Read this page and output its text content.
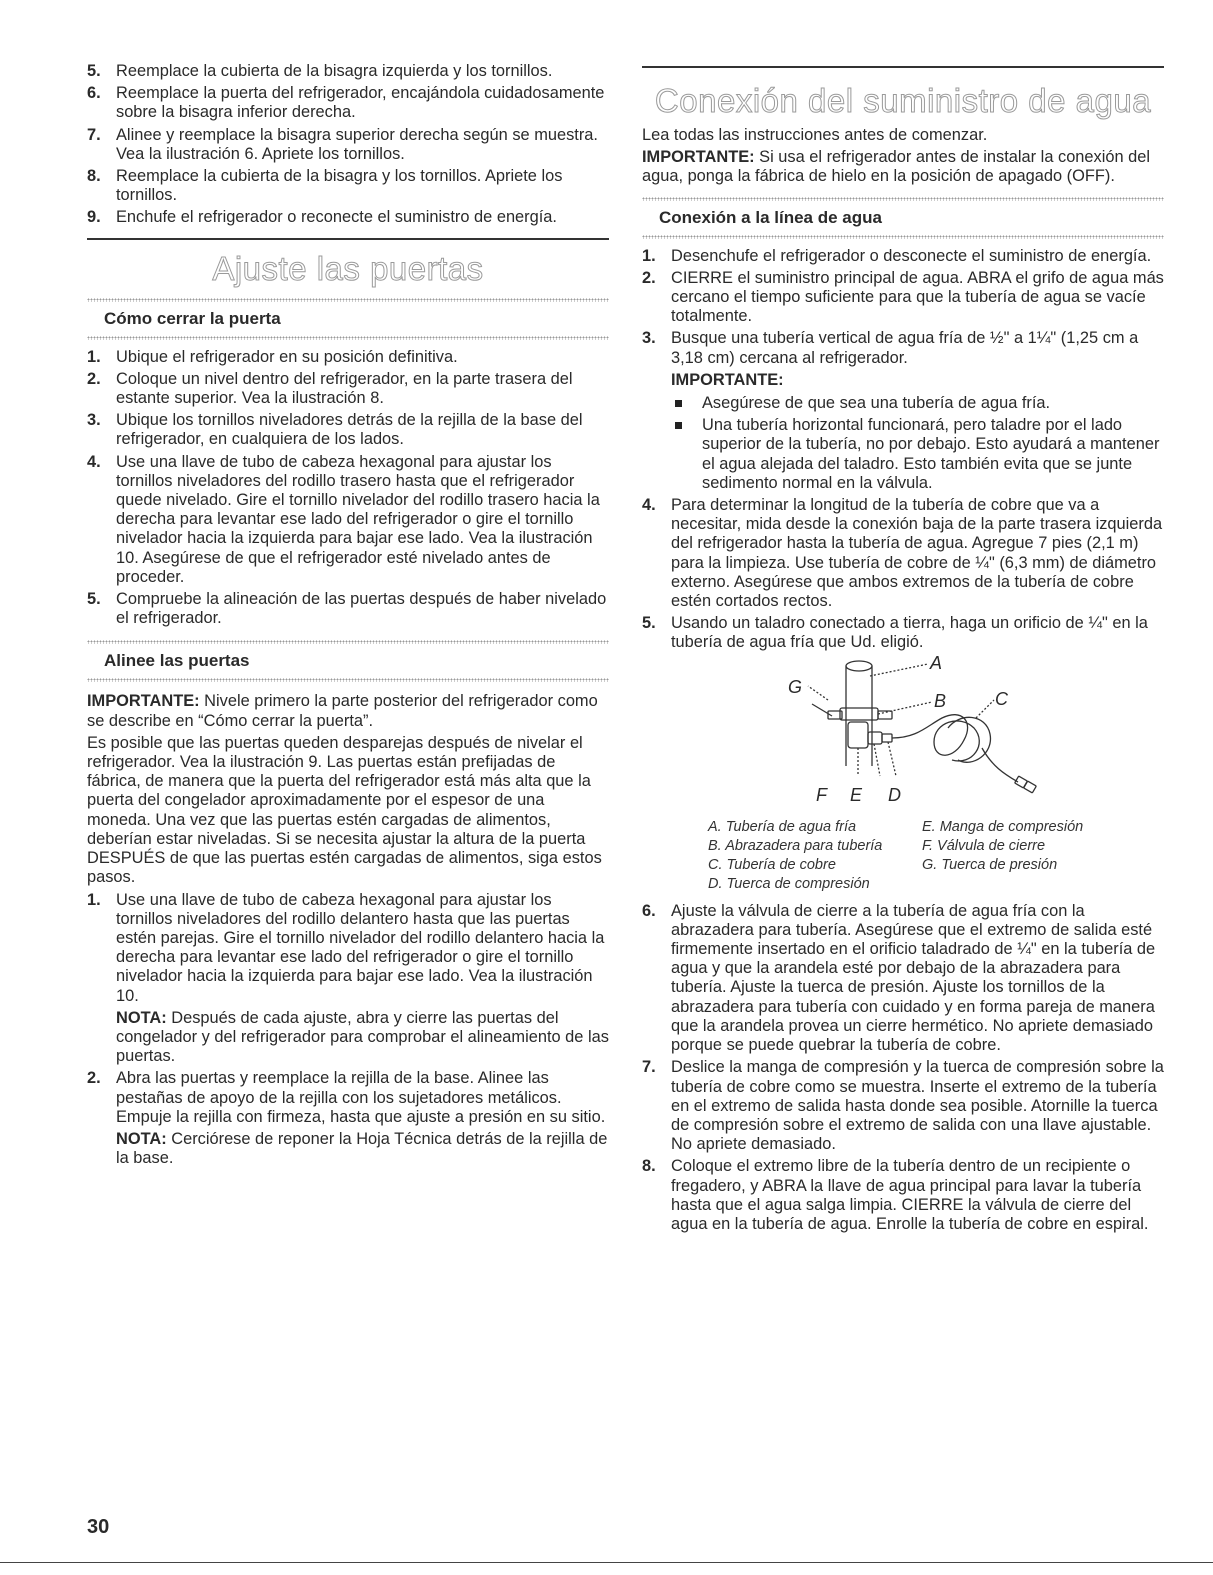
5. Reemplace la cubierta de la bisagra izquierda y los tornillos.
6. Reemplace la puerta del refrigerador, encajándola cuidadosamente sobre la bisagra inferior derecha.
7. Alinee y reemplace la bisagra superior derecha según se muestra. Vea la ilustración 6. Apriete los tornillos.
8. Reemplace la cubierta de la bisagra y los tornillos. Apriete los tornillos.
9. Enchufe el refrigerador o reconecte el suministro de energía.
Ajuste las puertas
Cómo cerrar la puerta
1. Ubique el refrigerador en su posición definitiva.
2. Coloque un nivel dentro del refrigerador, en la parte trasera del estante superior. Vea la ilustración 8.
3. Ubique los tornillos niveladores detrás de la rejilla de la base del refrigerador, en cualquiera de los lados.
4. Use una llave de tubo de cabeza hexagonal para ajustar los tornillos niveladores del rodillo trasero hasta que el refrigerador quede nivelado. Gire el tornillo nivelador del rodillo trasero hacia la derecha para levantar ese lado del refrigerador o gire el tornillo nivelador hacia la izquierda para bajar ese lado. Vea la ilustración 10. Asegúrese de que el refrigerador esté nivelado antes de proceder.
5. Compruebe la alineación de las puertas después de haber nivelado el refrigerador.
Alinee las puertas

IMPORTANTE: Nivele primero la parte posterior del refrigerador como se describe en “Cómo cerrar la puerta”.

Es posible que las puertas queden desparejas después de nivelar el refrigerador. Vea la ilustración 9. Las puertas están prefijadas de fábrica, de manera que la puerta del refrigerador está más alta que la puerta del congelador aproximadamente por el espesor de una moneda. Una vez que las puertas estén cargadas de alimentos, deberían estar niveladas. Si se necesita ajustar la altura de la puerta DESPUÉS de que las puertas estén cargadas de alimentos, siga estos pasos.

1. Use una llave de tubo de cabeza hexagonal para ajustar los tornillos niveladores del rodillo delantero hasta que las puertas estén parejas. Gire el tornillo nivelador del rodillo delantero hacia la derecha para levantar ese lado del refrigerador o gire el tornillo nivelador hacia la izquierda para bajar ese lado. Vea la ilustración 10.

NOTA: Después de cada ajuste, abra y cierre las puertas del congelador y del refrigerador para comprobar el alineamiento de las puertas.

2. Abra las puertas y reemplace la rejilla de la base. Alinee las pestañas de apoyo de la rejilla con los sujetadores metálicos. Empuje la rejilla con firmeza, hasta que ajuste a presión en su sitio.

NOTA: Cerciórese de reponer la Hoja Técnica detrás de la rejilla de la base.

Conexión del suministro de agua

Lea todas las instrucciones antes de comenzar.

IMPORTANTE: Si usa el refrigerador antes de instalar la conexión del agua, ponga la fábrica de hielo en la posición de apagado (OFF).

Conexión a la línea de agua
1. Desenchufe el refrigerador o desconecte el suministro de energía.
2. CIERRE el suministro principal de agua. ABRA el grifo de agua más cercano el tiempo suficiente para que la tubería de agua se vacíe totalmente.
3. Busque una tubería vertical de agua fría de ½" a 1¼" (1,25 cm a 3,18 cm) cercana al refrigerador.

IMPORTANTE:

Asegúrese de que sea una tubería de agua fría.
Una tubería horizontal funcionará, pero taladre por el lado superior de la tubería, no por debajo. Esto ayudará a mantener el agua alejada del taladro. Esto también evita que se junte sedimento normal en la válvula.
4. Para determinar la longitud de la tubería de cobre que va a necesitar, mida desde la conexión baja de la parte trasera izquierda del refrigerador hasta la tubería de agua. Agregue 7 pies (2,1 m) para la limpieza. Use tubería de cobre de ¼" (6,3 mm) de diámetro externo. Asegúrese que ambos extremos de la tubería de cobre estén cortados rectos.
5. Usando un taladro conectado a tierra, haga un orificio de ¼" en la tubería de agua fría que Ud. eligió.
A
B	C
G
F E D
A. Tubería de agua fría
B. Abrazadera para tubería
C. Tubería de cobre
D. Tuerca de compresión
E. Manga de compresión
F. Válvula de cierre
G. Tuerca de presión
6. Ajuste la válvula de cierre a la tubería de agua fría con la abrazadera para tubería. Asegúrese que el extremo de salida esté firmemente insertado en el orificio taladrado de ¼" en la tubería de agua y que la arandela esté por debajo de la abrazadera para tubería. Ajuste la tuerca de presión. Ajuste los tornillos de la abrazadera para tubería con cuidado y en forma pareja de manera que la arandela provea un cierre hermético. No apriete demasiado porque se puede quebrar la tubería de cobre.
7. Deslice la manga de compresión y la tuerca de compresión sobre la tubería de cobre como se muestra. Inserte el extremo de la tubería en el extremo de salida hasta donde sea posible. Atornille la tuerca de compresión sobre el extremo de salida con una llave ajustable. No apriete demasiado.
8. Coloque el extremo libre de la tubería dentro de un recipiente o fregadero, y ABRA la llave de agua principal para lavar la tubería hasta que el agua salga limpia. CIERRE la válvula de cierre del agua en la tubería de agua. Enrolle la tubería de cobre en espiral.
30
